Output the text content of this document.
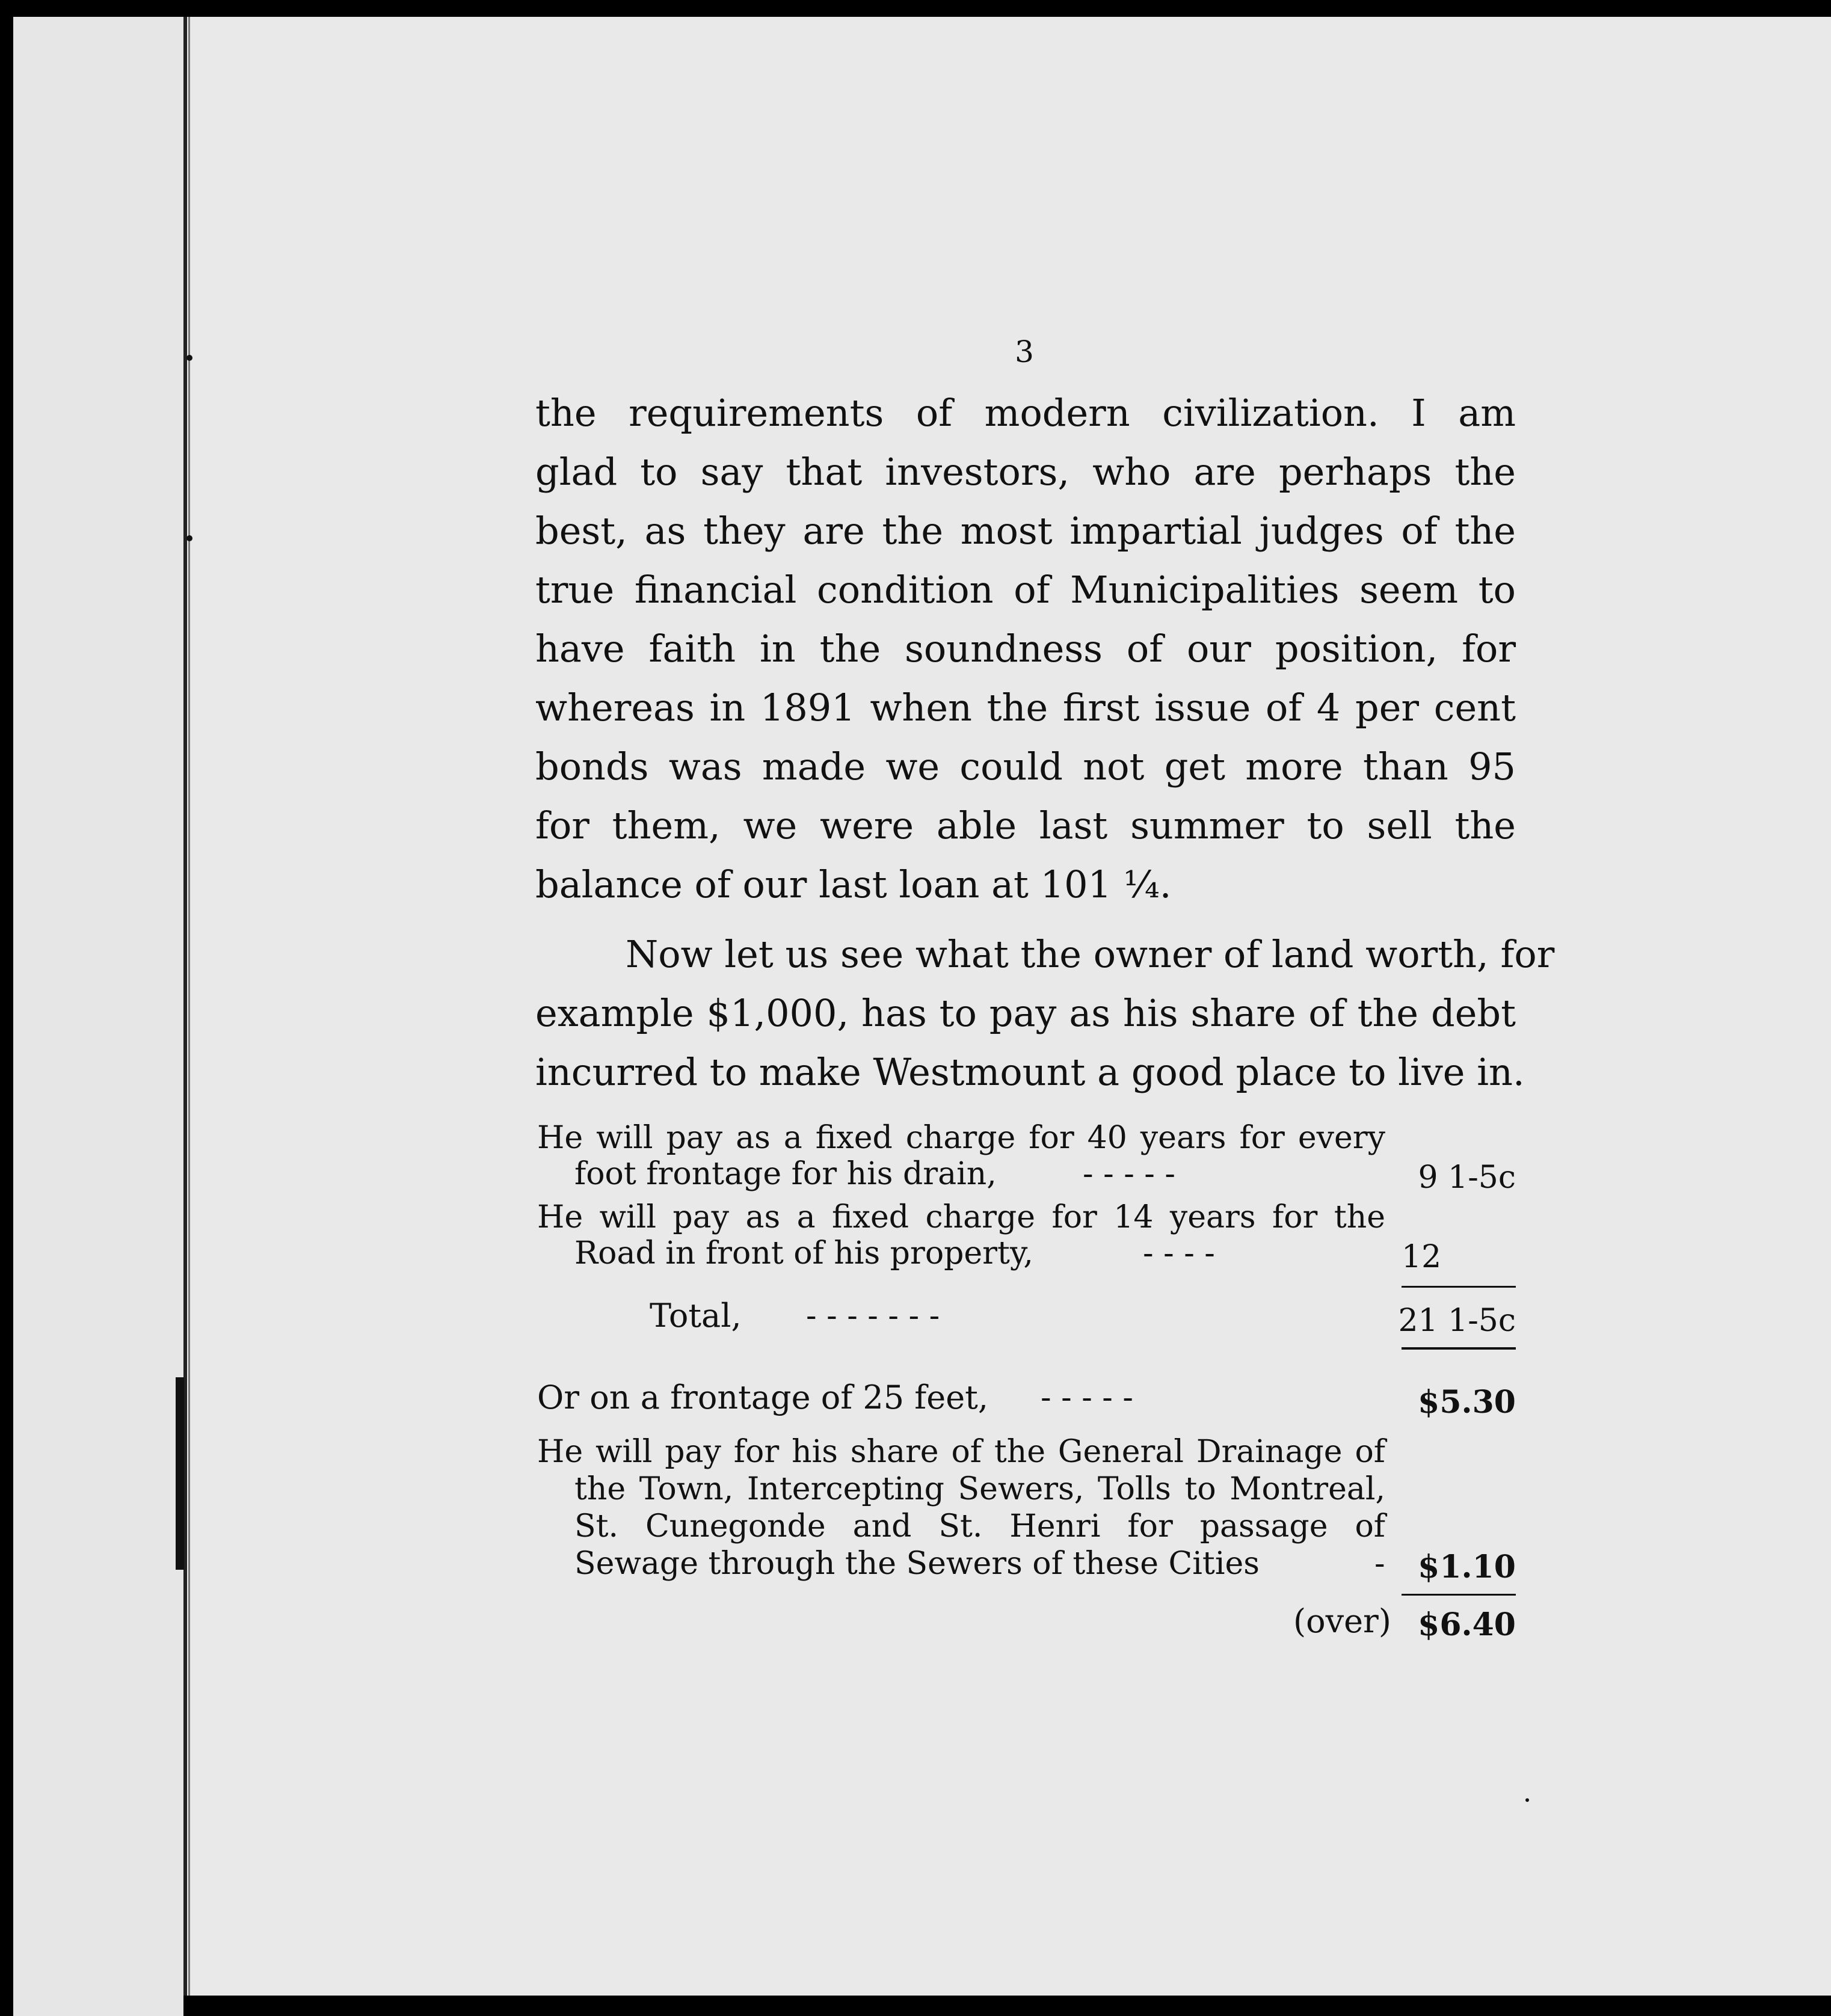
3
the requirements of modern civilization. I am
glad to say that investors, who are perhaps the
best, as they are the most impartial judges of the
true financial condition of Municipalities seem to
have faith in the soundness of our position, for
whereas in 1891 when the first issue of 4 per cent
bonds was made we could not get more than 95
for them, we were able last summer to sell the
balance of our last loan at 101 ¼.
Now let us see what the owner of land worth, for
example $1,000, has to pay as his share of the debt
incurred to make Westmount a good place to live in.
He will pay as a fixed charge for 40 years for every
foot frontage for his drain,	- - - - -	9 1-5c
He will pay as a fixed charge for 14 years for the
Road in front of his property,	- - - -	12
Total, - - - - - - -	21 1-5c
Or on a frontage of 25 feet, - - - - -	$5.30
He will pay for his share of the General Drainage of
the Town, Intercepting Sewers, Tolls to Montreal,
St. Cunegonde and St. Henri for passage of
Sewage through the Sewers of these Cities	-	$1.10
(over) $6.40
